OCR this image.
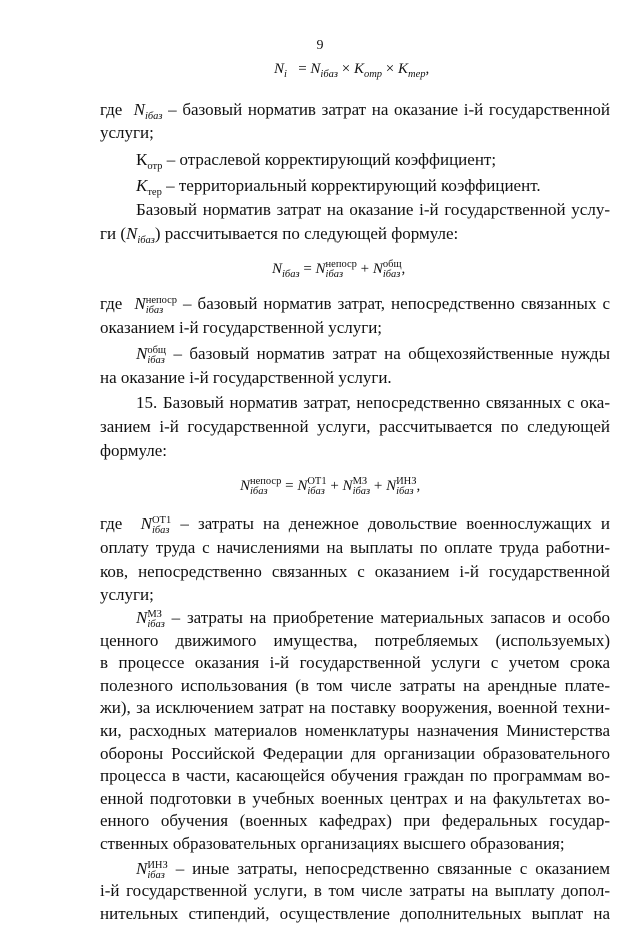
9
$N_i = N_{iбаз} \times K_{отр} \times K_{тер}$,
где $N_{iбаз}$ – базовый норматив затрат на оказание i-й государственной
услуги;
$К_{отр}$ – отраслевой корректирующий коэффициент;
$K_{тер}$ – территориальный корректирующий коэффициент.
Базовый норматив затрат на оказание i-й государственной услу-
ги $(N_{iбаз})$ рассчитывается по следующей формуле:
$N_{iбаз} = N$ непоср
iбаз	+ N общ
iбаз ,
где N непоср
iбаз	– базовый норматив затрат, непосредственно связанных с
оказанием i-й государственной услуги;
N общ
iбаз – базовый норматив затрат на общехозяйственные нужды
на оказание i-й государственной услуги.
15. Базовый норматив затрат, непосредственно связанных с ока-
занием i-й государственной услуги, рассчитывается по следующей
формуле:
N непоср
iбаз	= N ОТ1
iбаз + N МЗ
iбаз + N ИНЗ
iбаз ,
где N ОТ1
iбаз – затраты на денежное довольствие военнослужащих и
оплату труда с начислениями на выплаты по оплате труда работни-
ков, непосредственно связанных с оказанием i-й государственной
услуги;
N МЗ
iбаз – затраты на приобретение материальных запасов и особо
ценного движимого имущества, потребляемых (используемых)
в процессе оказания i-й государственной услуги с учетом срока
полезного использования (в том числе затраты на арендные плате-
жи), за исключением затрат на поставку вооружения, военной техни-
ки, расходных материалов номенклатуры назначения Министерства
обороны Российской Федерации для организации образовательного
процесса в части, касающейся обучения граждан по программам во-
енной подготовки в учебных военных центрах и на факультетах во-
енного обучения (военных кафедрах) при федеральных государ-
ственных образовательных организациях высшего образования;
N ИНЗ
iбаз – иные затраты, непосредственно связанные с оказанием
i-й государственной услуги, в том числе затраты на выплату допол-
нительных стипендий, осуществление дополнительных выплат на
